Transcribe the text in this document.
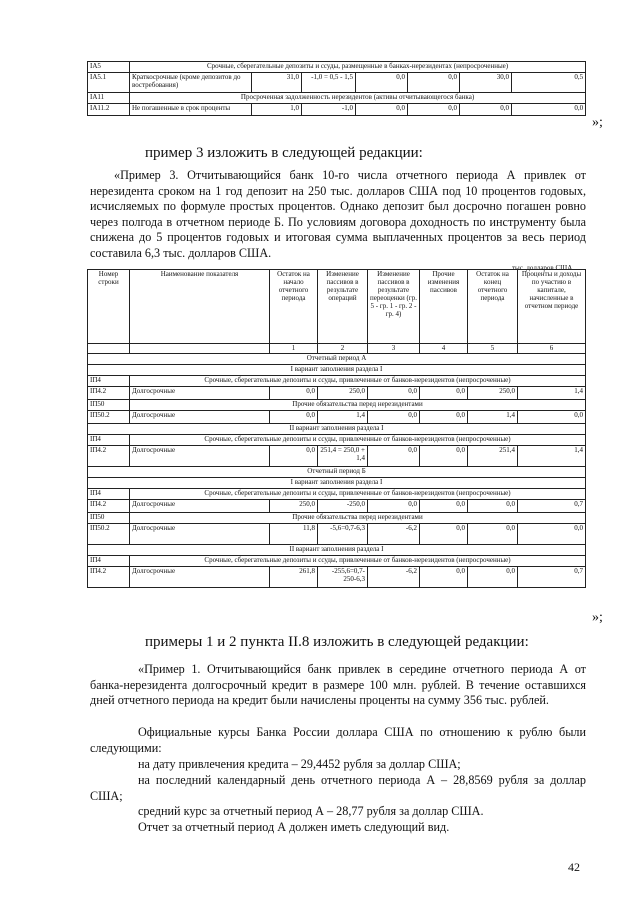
IA5	Срочные, сберегательные депозиты и ссуды, размещенные в банках-нерезидентах (непросроченные)						
IA5.1	Краткосрочные (кроме депозитов до востребования)	31,0	-1,0 = 0,5 - 1,5	0,0	0,0	30,0	0,5
IA11	Просроченная задолженность нерезидентов (активы отчитывающегося банка)						
IA11.2	Не погашенные в срок проценты	1,0	-1,0	0,0	0,0	0,0	0,0
»;
пример 3 изложить в следующей редакции:
«Пример 3. Отчитывающийся банк 10-го числа отчетного периода А привлек от нерезидента сроком на 1 год депозит на 250 тыс. долларов США под 10 процентов годовых, исчисляемых по формуле простых процентов. Однако депозит был досрочно погашен ровно через полгода в отчетном периоде Б. По условиям договора доходность по инструменту была снижена до 5 процентов годовых и итоговая сумма выплаченных процентов за весь период составила 6,3 тыс. долларов США.
тыс. долларов США
Номер строки	Наименование показателя	Остаток на начало отчетного периода	Изменение пассивов в результате операций	Изменение пассивов в результате переоценки (гр. 5 - гр. 1 - гр. 2 - гр. 4)	Прочие изменения пассивов	Остаток на конец отчетного периода	Проценты и доходы по участию в капитале, начисленные в отчетном периоде
		1	2	3	4	5	6
Отчетный период А							
I вариант заполнения раздела I							
IП4	Срочные, сберегательные депозиты и ссуды, привлеченные от банков-нерезидентов (непросроченные)						
IП4.2	Долгосрочные	0,0	250,0	0,0	0,0	250,0	1,4
IП50	Прочие обязательства перед нерезидентами						
IП50.2	Долгосрочные	0,0	1,4	0,0	0,0	1,4	0,0
II вариант заполнения раздела I							
IП4	Срочные, сберегательные депозиты и ссуды, привлеченные от банков-нерезидентов (непросроченные)						
IП4.2	Долгосрочные	0,0	251,4 = 250,0 + 1,4	0,0	0,0	251,4	1,4
Отчетный период Б							
I вариант заполнения раздела I							
IП4	Срочные, сберегательные депозиты и ссуды, привлеченные от банков-нерезидентов (непросроченные)						
IП4.2	Долгосрочные	250,0	-250,0	0,0	0,0	0,0	0,7
IП50	Прочие обязательства перед нерезидентами						
IП50.2	Долгосрочные	11,8	-5,6=0,7-6,3	-6,2	0,0	0,0	0,0
II вариант заполнения раздела I							
IП4	Срочные, сберегательные депозиты и ссуды, привлеченные от банков-нерезидентов (непросроченные)						
IП4.2	Долгосрочные	261,8	-255,6=0,7-250-6,3	-6,2	0,0	0,0	0,7
»;
примеры 1 и 2 пункта II.8 изложить в следующей редакции:
«Пример 1. Отчитывающийся банк привлек в середине отчетного периода А от банка-нерезидента долгосрочный кредит в размере 100 млн. рублей. В течение оставшихся дней отчетного периода на кредит были начислены проценты на сумму 356 тыс. рублей.
Официальные курсы Банка России доллара США по отношению к рублю были следующими:
на дату привлечения кредита – 29,4452 рубля за доллар США;
на последний календарный день отчетного периода А – 28,8569 рубля за доллар США;
средний курс за отчетный период А – 28,77 рубля за доллар США.
Отчет за отчетный период А должен иметь следующий вид.
42
